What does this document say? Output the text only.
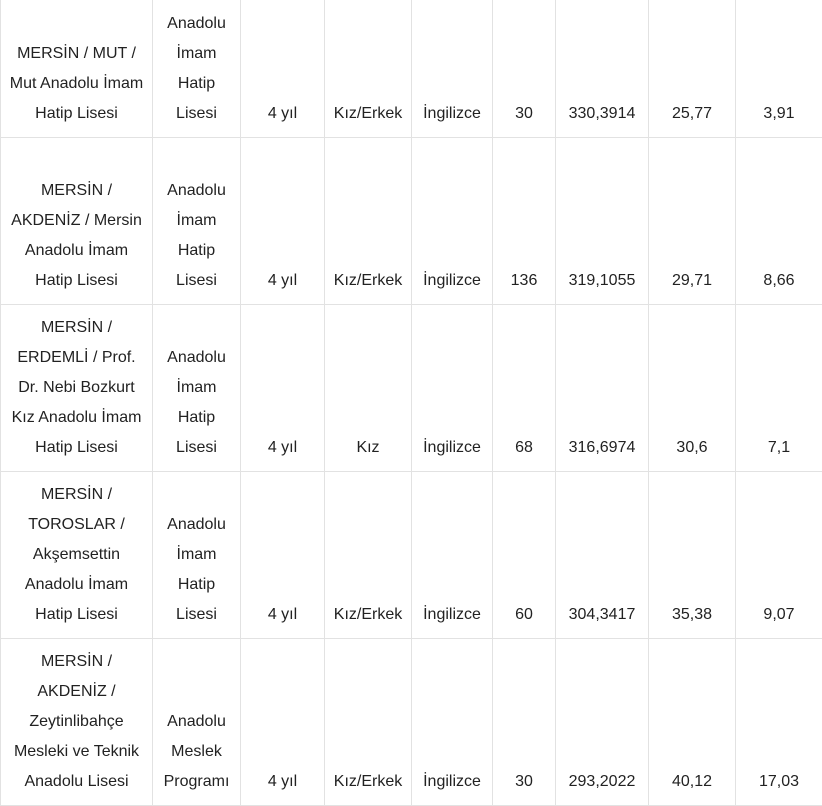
MERSİN / MUT / Mut Anadolu İmam Hatip Lisesi	Anadolu İmam Hatip Lisesi	4 yıl	Kız/Erkek	İngilizce	30	330,3914	25,77	3,91
MERSİN / AKDENİZ / Mersin Anadolu İmam Hatip Lisesi	Anadolu İmam Hatip Lisesi	4 yıl	Kız/Erkek	İngilizce	136	319,1055	29,71	8,66
MERSİN / ERDEMLİ / Prof. Dr. Nebi Bozkurt Kız Anadolu İmam Hatip Lisesi	Anadolu İmam Hatip Lisesi	4 yıl	Kız	İngilizce	68	316,6974	30,6	7,1
MERSİN / TOROSLAR / Akşemsettin Anadolu İmam Hatip Lisesi	Anadolu İmam Hatip Lisesi	4 yıl	Kız/Erkek	İngilizce	60	304,3417	35,38	9,07
MERSİN / AKDENİZ / Zeytinlibahçe Mesleki ve Teknik Anadolu Lisesi	Anadolu Meslek Programı	4 yıl	Kız/Erkek	İngilizce	30	293,2022	40,12	17,03
